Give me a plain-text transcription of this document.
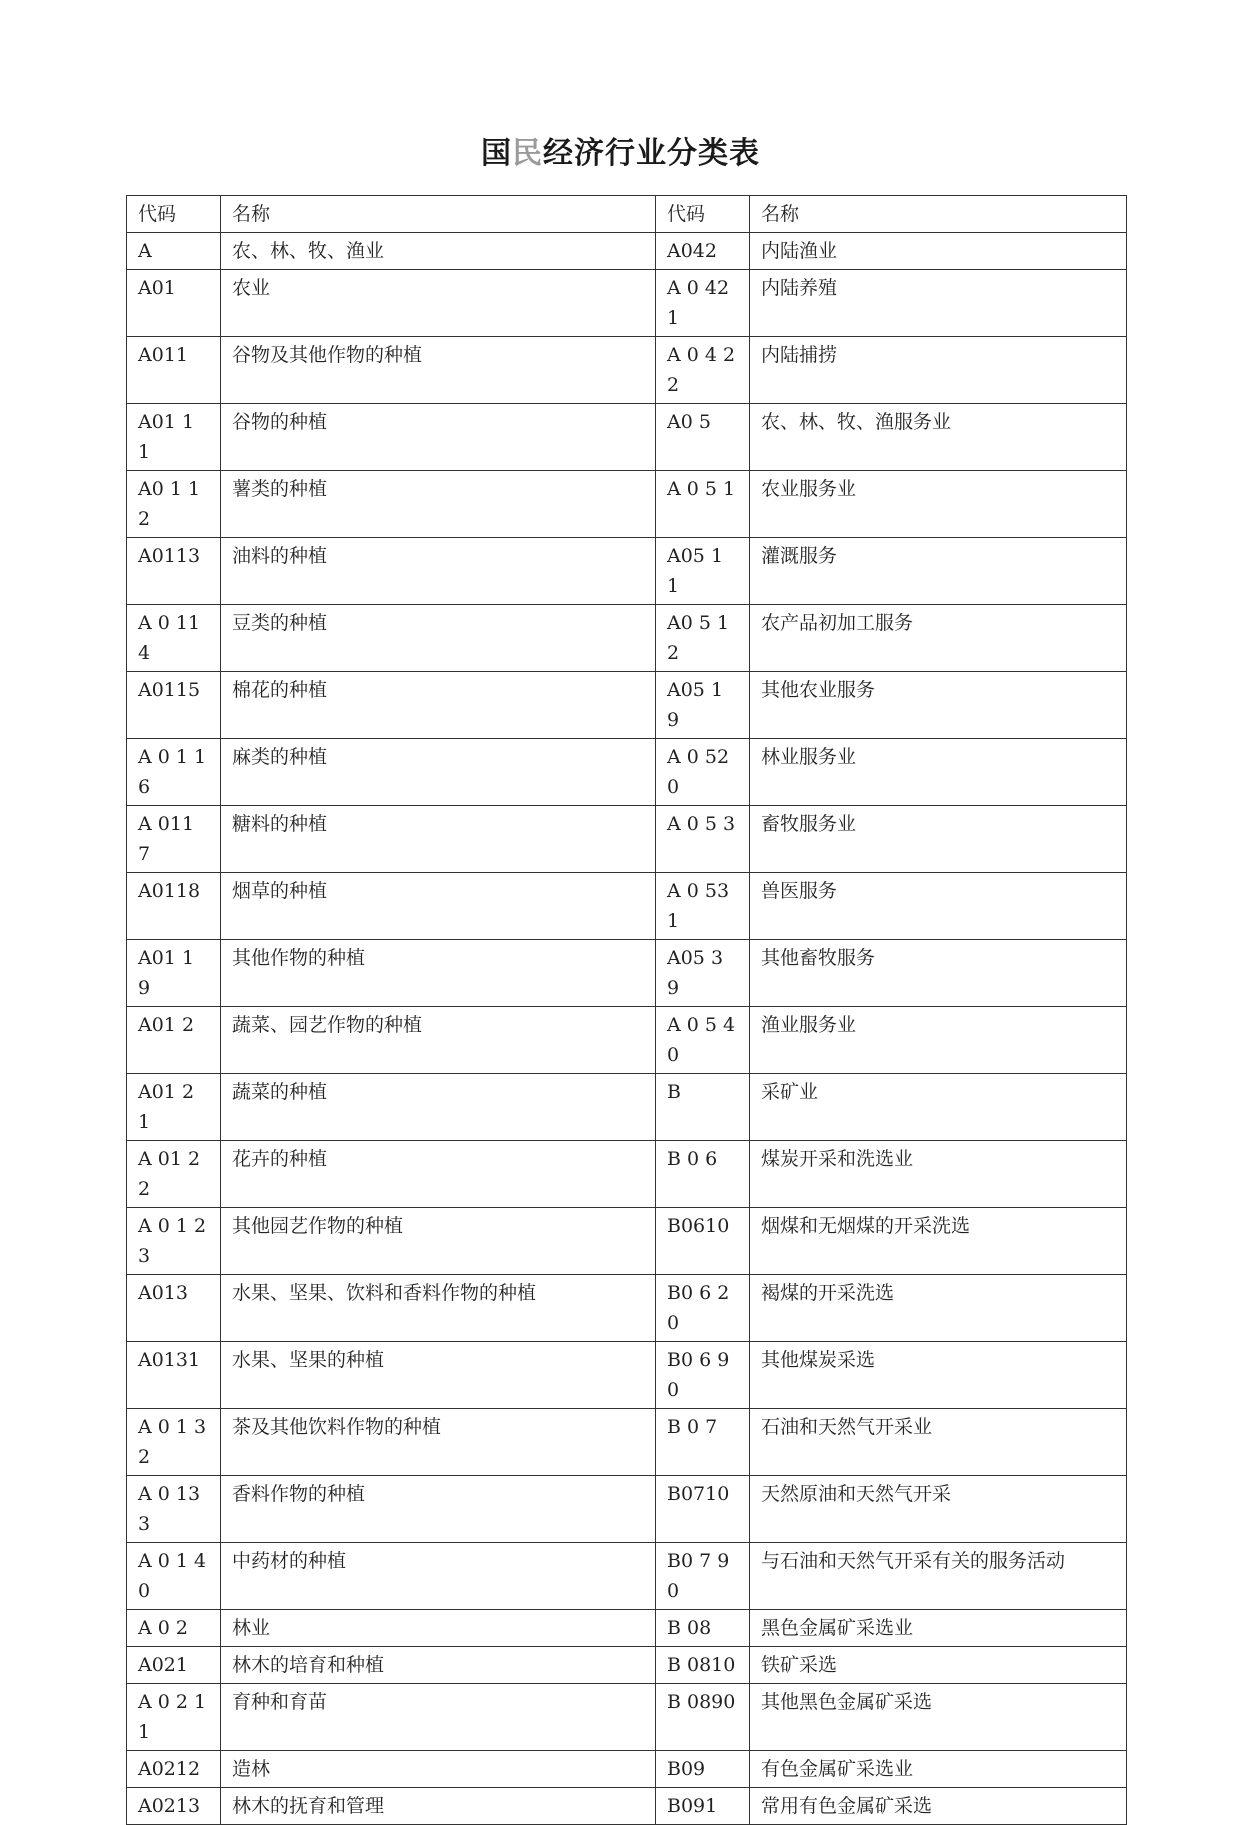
国民经济行业分类表
代码	名称	代码	名称
A	农、林、牧、渔业	A042	内陆渔业
A01	农业	A 0 421	内陆养殖
A011	谷物及其他作物的种植	A 0 4 2 2	内陆捕捞
A01 1 1	谷物的种植	A0 5	农、林、牧、渔服务业
A0 1 1 2	薯类的种植	A 0 5 1	农业服务业
A0113	油料的种植	A05 1 1	灌溉服务
A 0 114	豆类的种植	A0 5 1 2	农产品初加工服务
A0115	棉花的种植	A05 1 9	其他农业服务
A 0 1 1 6	麻类的种植	A 0 520	林业服务业
A 011 7	糖料的种植	A 0 5 3	畜牧服务业
A0118	烟草的种植	A 0 531	兽医服务
A01 1 9	其他作物的种植	A05 3 9	其他畜牧服务
A01 2	蔬菜、园艺作物的种植	A 0 5 40	渔业服务业
A01 2 1	蔬菜的种植	B	采矿业
A 01 2 2	花卉的种植	B 0 6	煤炭开采和洗选业
A 0 1 23	其他园艺作物的种植	B0610	烟煤和无烟煤的开采洗选
A013	水果、坚果、饮料和香料作物的种植	B0 6 2 0	褐煤的开采洗选
A0131	水果、坚果的种植	B0 6 90	其他煤炭采选
A 0 1 3 2	茶及其他饮料作物的种植	B 0 7	石油和天然气开采业
A 0 13 3	香料作物的种植	B0710	天然原油和天然气开采
A 0 1 40	中药材的种植	B0 7 90	与石油和天然气开采有关的服务活动
A 0 2	林业	B 08	黑色金属矿采选业
A021	林木的培育和种植	B 0810	铁矿采选
A 0 2 1 1	育种和育苗	B 0890	其他黑色金属矿采选
A0212	造林	B09	有色金属矿采选业
A0213	林木的抚育和管理	B091	常用有色金属矿采选
